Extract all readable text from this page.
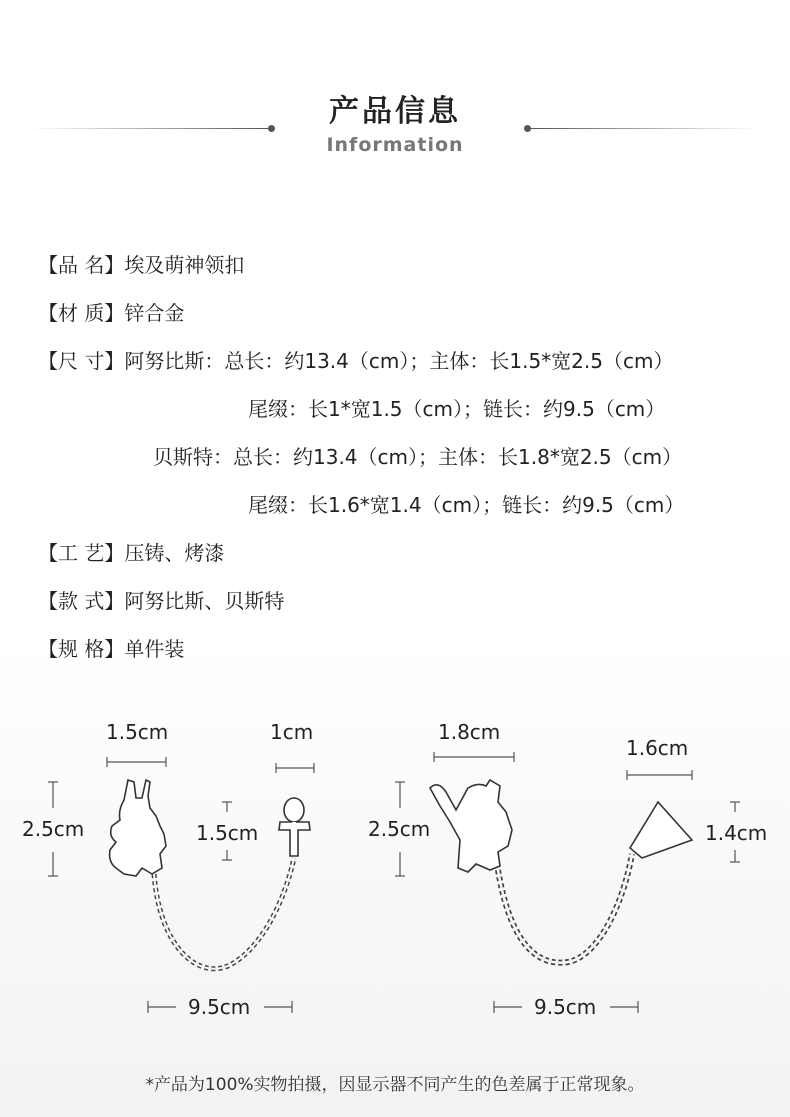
产品信息
Information
【品 名】埃及萌神领扣
【材 质】锌合金
【尺 寸】阿努比斯：总长：约13.4（cm）；主体：长1.5*宽2.5（cm）
尾缀：长1*宽1.5（cm）；链长：约9.5（cm）
贝斯特：总长：约13.4（cm）；主体：长1.8*宽2.5（cm）
尾缀：长1.6*宽1.4（cm）；链长：约9.5（cm）
【工 艺】压铸、烤漆
【款 式】阿努比斯、贝斯特
【规 格】单件装
1.5cm	1cm
2.5cm	1.5cm
9.5cm
1.8cm
1.6cm
2.5cm	1.4cm
9.5cm
*产品为100%实物拍摄，因显示器不同产生的色差属于正常现象。
